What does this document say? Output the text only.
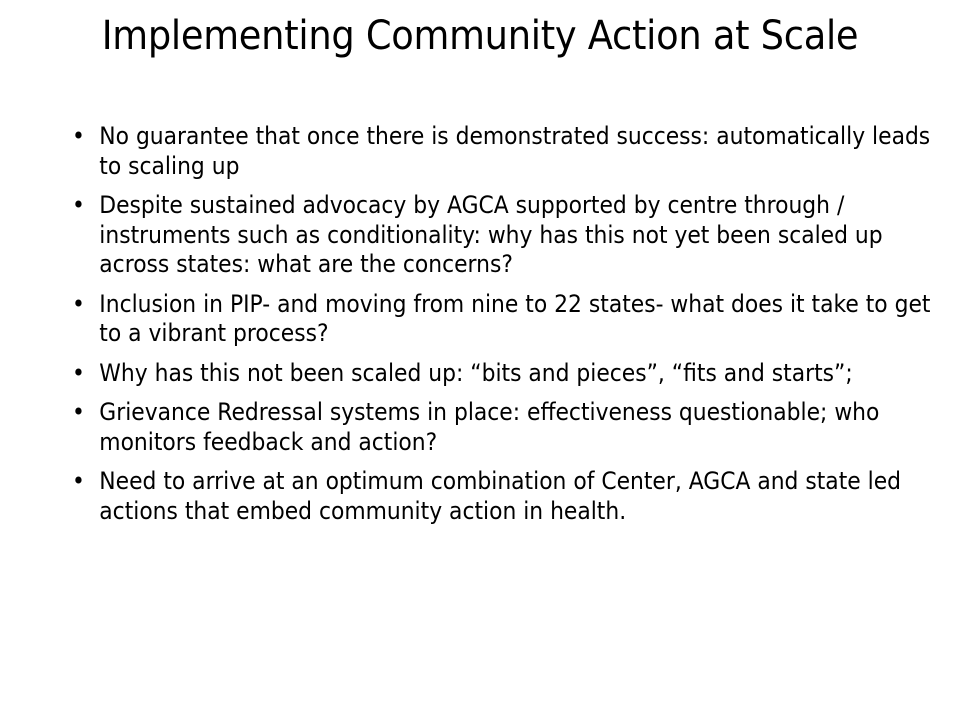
Implementing Community Action at Scale
• No guarantee that once there is demonstrated success: automatically leads to scaling up
• Despite sustained advocacy by AGCA supported by centre through / instruments such as conditionality: why has this not yet been scaled up across states: what are the concerns?
• Inclusion in PIP- and moving from nine to 22 states- what does it take to get to a vibrant process?
• Why has this not been scaled up: “bits and pieces”, “fits and starts”;
• Grievance Redressal systems in place: effectiveness questionable; who monitors feedback and action?
• Need to arrive at an optimum combination of Center, AGCA and state led actions that embed community action in health.
